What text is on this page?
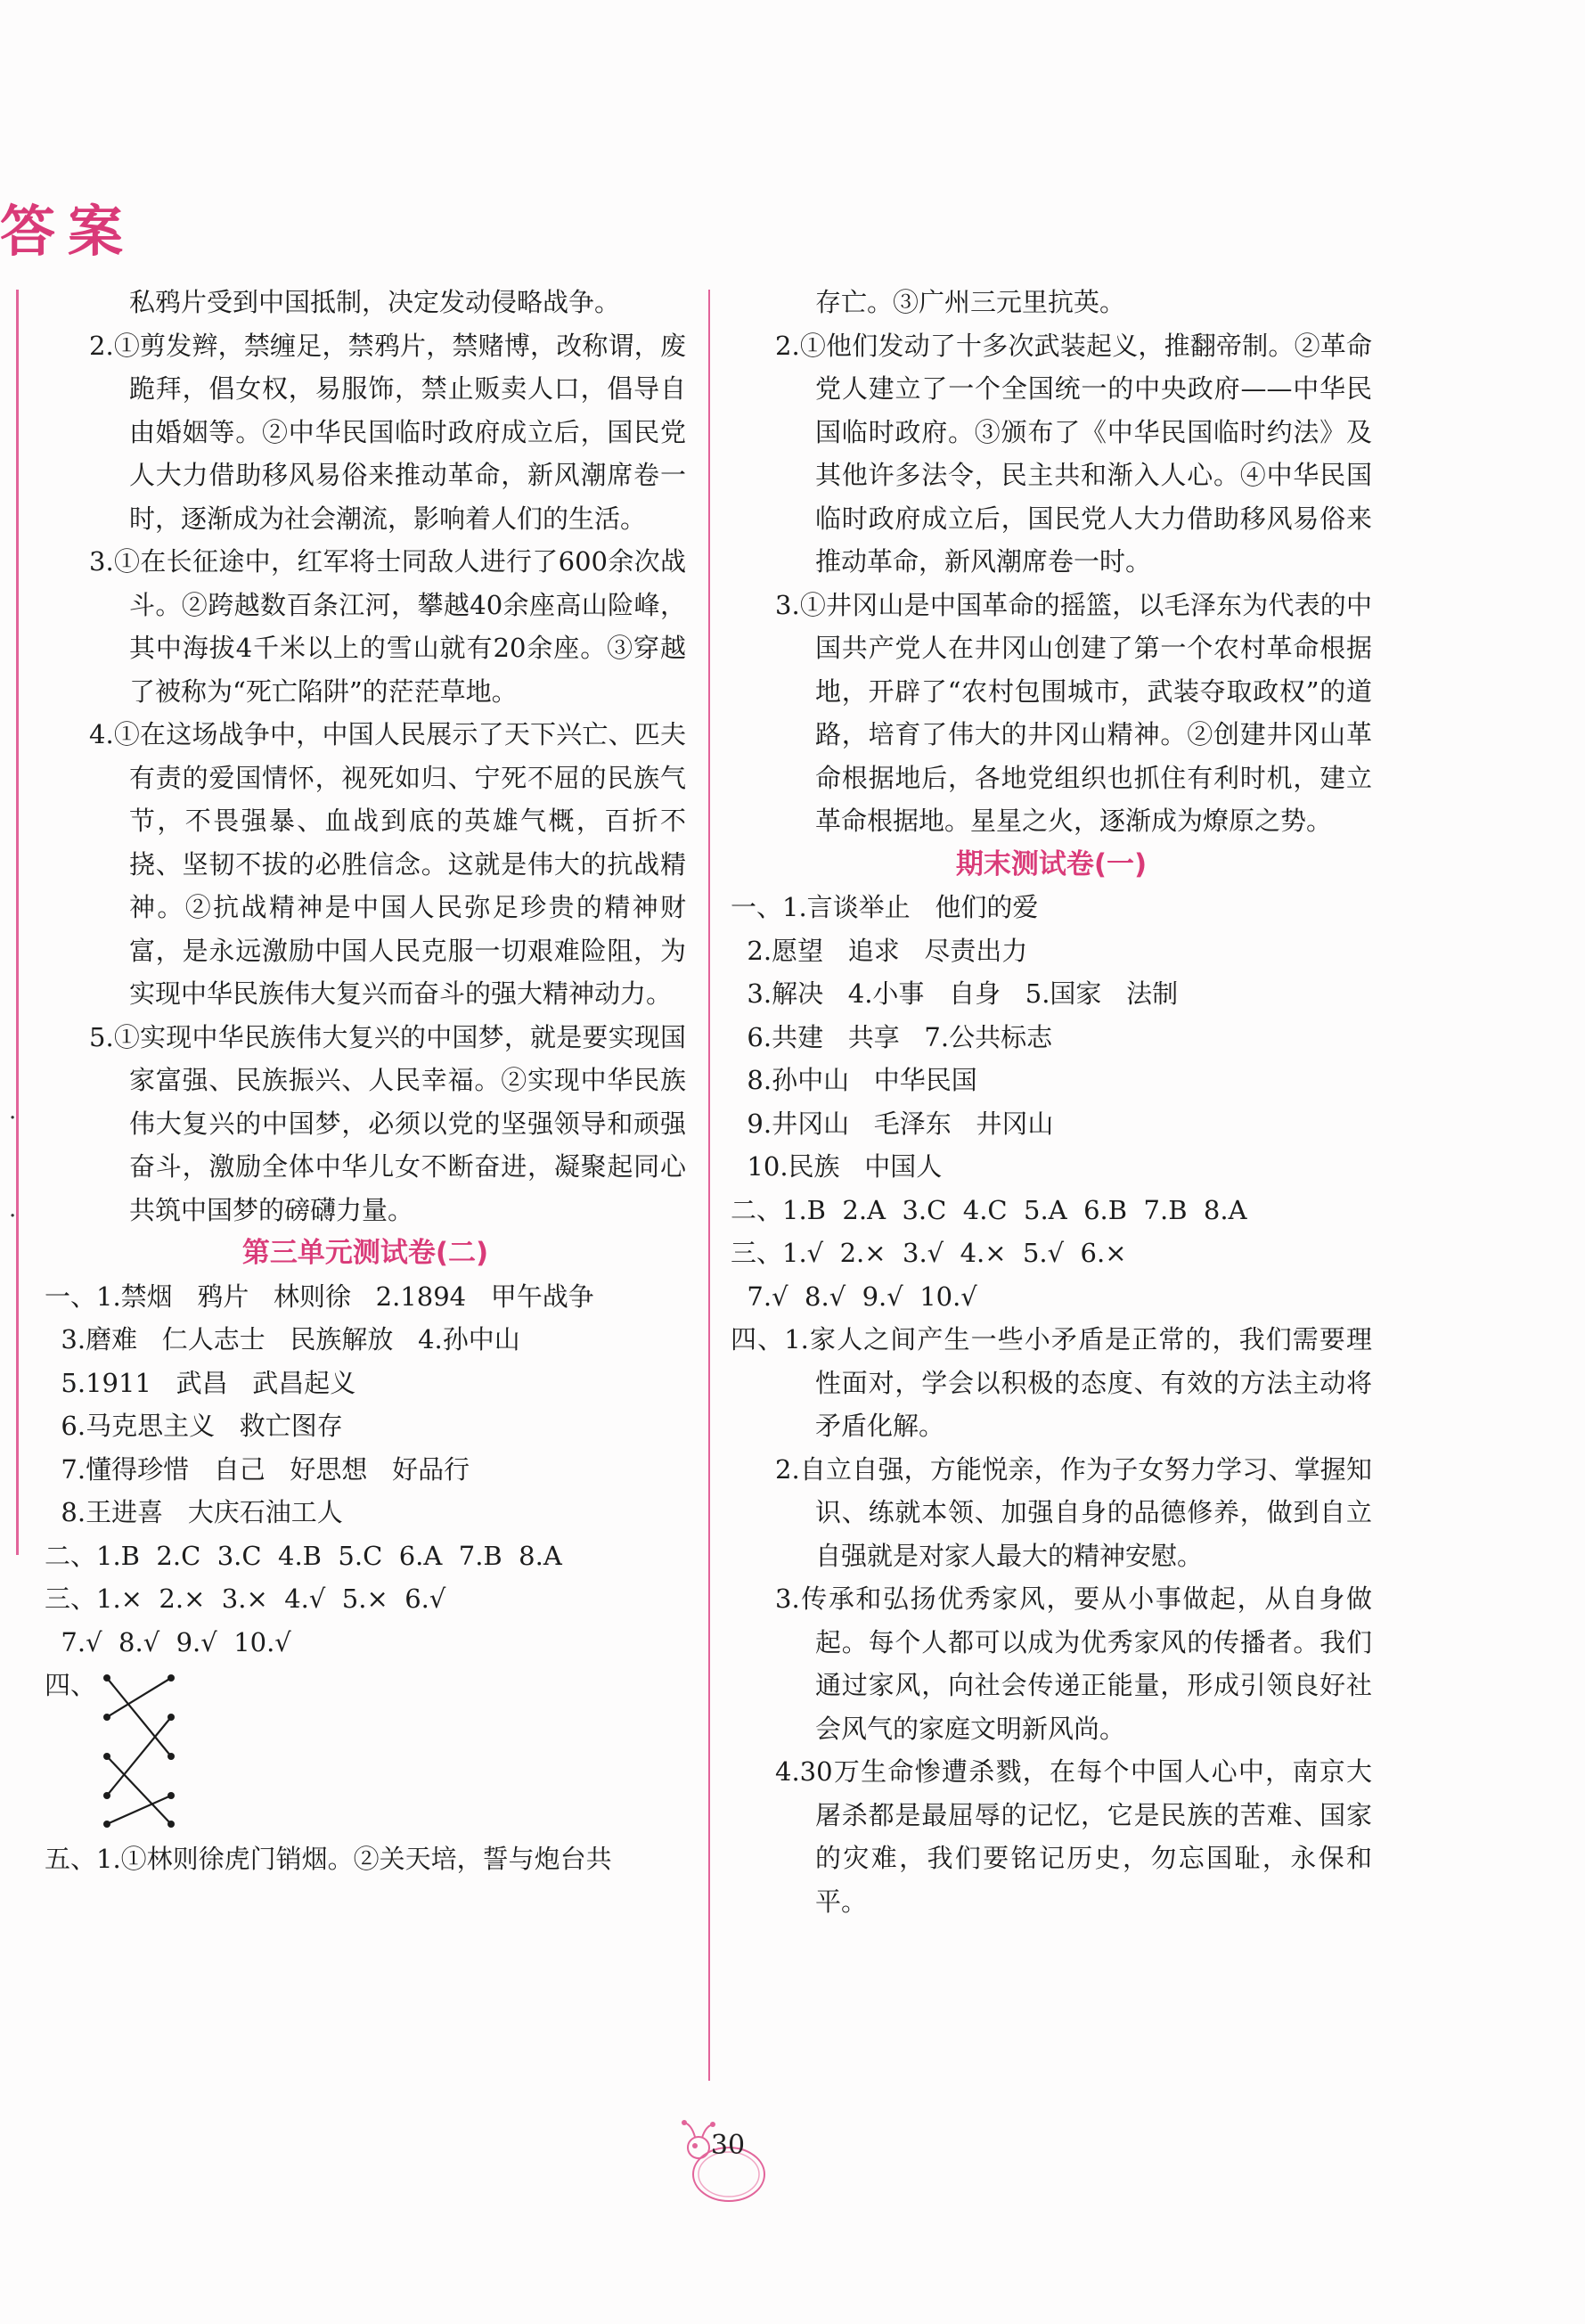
答案
·
·

私鸦片受到中国抵制，决定发动侵略战争。

2.①剪发辫，禁缠足，禁鸦片，禁赌博，改称谓，废跪拜，倡女权，易服饰，禁止贩卖人口，倡导自由婚姻等。②中华民国临时政府成立后，国民党人大力借助移风易俗来推动革命，新风潮席卷一时，逐渐成为社会潮流，影响着人们的生活。

3.①在长征途中，红军将士同敌人进行了600余次战斗。②跨越数百条江河，攀越40余座高山险峰，其中海拔4千米以上的雪山就有20余座。③穿越了被称为“死亡陷阱”的茫茫草地。

4.①在这场战争中，中国人民展示了天下兴亡、匹夫有责的爱国情怀，视死如归、宁死不屈的民族气节，不畏强暴、血战到底的英雄气概，百折不挠、坚韧不拔的必胜信念。这就是伟大的抗战精神。②抗战精神是中国人民弥足珍贵的精神财富，是永远激励中国人民克服一切艰难险阻，为实现中华民族伟大复兴而奋斗的强大精神动力。

5.①实现中华民族伟大复兴的中国梦，就是要实现国家富强、民族振兴、人民幸福。②实现中华民族伟大复兴的中国梦，必须以党的坚强领导和顽强奋斗，激励全体中华儿女不断奋进，凝聚起同心共筑中国梦的磅礴力量。

第三单元测试卷(二)

一、1.禁烟   鸦片   林则徐   2.1894   甲午战争

3.磨难   仁人志士   民族解放   4.孙中山

5.1911   武昌   武昌起义

6.马克思主义   救亡图存

7.懂得珍惜   自己   好思想   好品行

8.王进喜   大庆石油工人

二、1.B  2.C  3.C  4.B  5.C  6.A  7.B  8.A

三、1.×  2.×  3.×  4.√  5.×  6.√

7.√  8.√  9.√  10.√

四、

五、1.①林则徐虎门销烟。②关天培，誓与炮台共

存亡。③广州三元里抗英。

2.①他们发动了十多次武装起义，推翻帝制。②革命党人建立了一个全国统一的中央政府——中华民国临时政府。③颁布了《中华民国临时约法》及其他许多法令，民主共和渐入人心。④中华民国临时政府成立后，国民党人大力借助移风易俗来推动革命，新风潮席卷一时。

3.①井冈山是中国革命的摇篮，以毛泽东为代表的中国共产党人在井冈山创建了第一个农村革命根据地，开辟了“农村包围城市，武装夺取政权”的道路，培育了伟大的井冈山精神。②创建井冈山革命根据地后，各地党组织也抓住有利时机，建立革命根据地。星星之火，逐渐成为燎原之势。

期末测试卷(一)

一、1.言谈举止   他们的爱

2.愿望   追求   尽责出力

3.解决   4.小事   自身   5.国家   法制

6.共建   共享   7.公共标志

8.孙中山   中华民国

9.井冈山   毛泽东   井冈山

10.民族   中国人

二、1.B  2.A  3.C  4.C  5.A  6.B  7.B  8.A

三、1.√  2.×  3.√  4.×  5.√  6.×

7.√  8.√  9.√  10.√

四、1.家人之间产生一些小矛盾是正常的，我们需要理性面对，学会以积极的态度、有效的方法主动将矛盾化解。

2.自立自强，方能悦亲，作为子女努力学习、掌握知识、练就本领、加强自身的品德修养，做到自立自强就是对家人最大的精神安慰。

3.传承和弘扬优秀家风，要从小事做起，从自身做起。每个人都可以成为优秀家风的传播者。我们通过家风，向社会传递正能量，形成引领良好社会风气的家庭文明新风尚。

4.30万生命惨遭杀戮，在每个中国人心中，南京大屠杀都是最屈辱的记忆，它是民族的苦难、国家的灾难，我们要铭记历史，勿忘国耻，永保和平。

30
